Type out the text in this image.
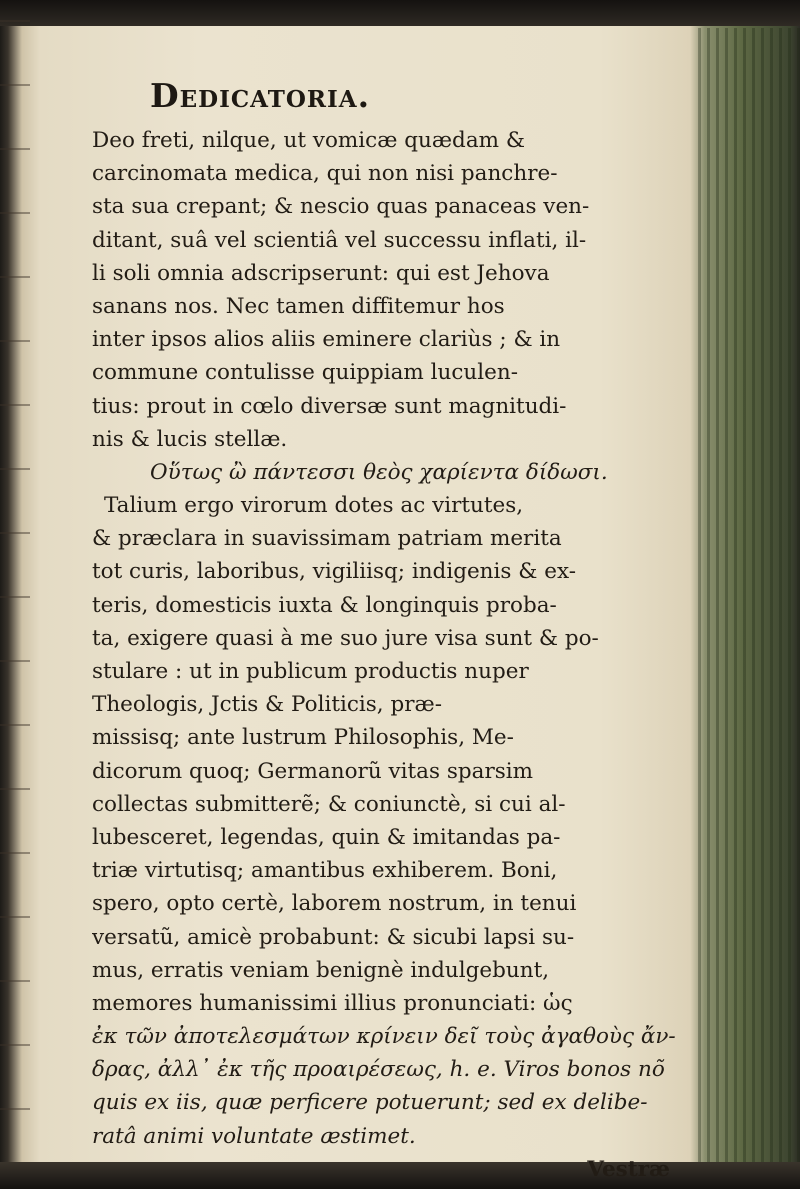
Dedicatoria.
Deo freti, nilque, ut vomicæ quædam &
carcinomata medica, qui non nisi panchre-
sta sua crepant; & nescio quas panaceas ven-
ditant, suâ vel scientiâ vel successu inflati, il-
li soli omnia adscripserunt: qui est Jehova
sanans nos. Nec tamen diffitemur hos
inter ipsos alios aliis eminere clariùs ; & in
commune contulisse quippiam luculen-
tius: prout in cœlo diversæ sunt magnitudi-
nis & lucis stellæ.
Οὕτως ὢ πάντεσσι θεὸς χαρίεντα δίδωσι.
Talium ergo virorum dotes ac virtutes,
& præclara in suavissimam patriam merita
tot curis, laboribus, vigiliisq; indigenis & ex-
teris, domesticis iuxta & longinquis proba-
ta, exigere quasi à me suo jure visa sunt & po-
stulare : ut in publicum productis nuper
Theologis, Jctis & Politicis, præ-
missisq; ante lustrum Philosophis, Me-
dicorum quoq; Germanorũ vitas sparsim
collectas submitterẽ; & coniunctè, si cui al-
lubesceret, legendas, quin & imitandas pa-
triæ virtutisq; amantibus exhiberem. Boni,
spero, opto certè, laborem nostrum, in tenui
versatũ, amicè probabunt: & sicubi lapsi su-
mus, erratis veniam benignè indulgebunt,
memores humanissimi illius pronunciati: ὡς
ἐκ τῶν ἀποτελεσμάτων κρίνειν δεῖ τοὺς ἀγαθοὺς ἄν-
δρας, ἀλλ᾽ ἐκ τῆς προαιρέσεως, h. e. Viros bonos nõ
quis ex iis, quæ perficere potuerunt; sed ex delibe-
ratâ animi voluntate æstimet.
Vestræ
